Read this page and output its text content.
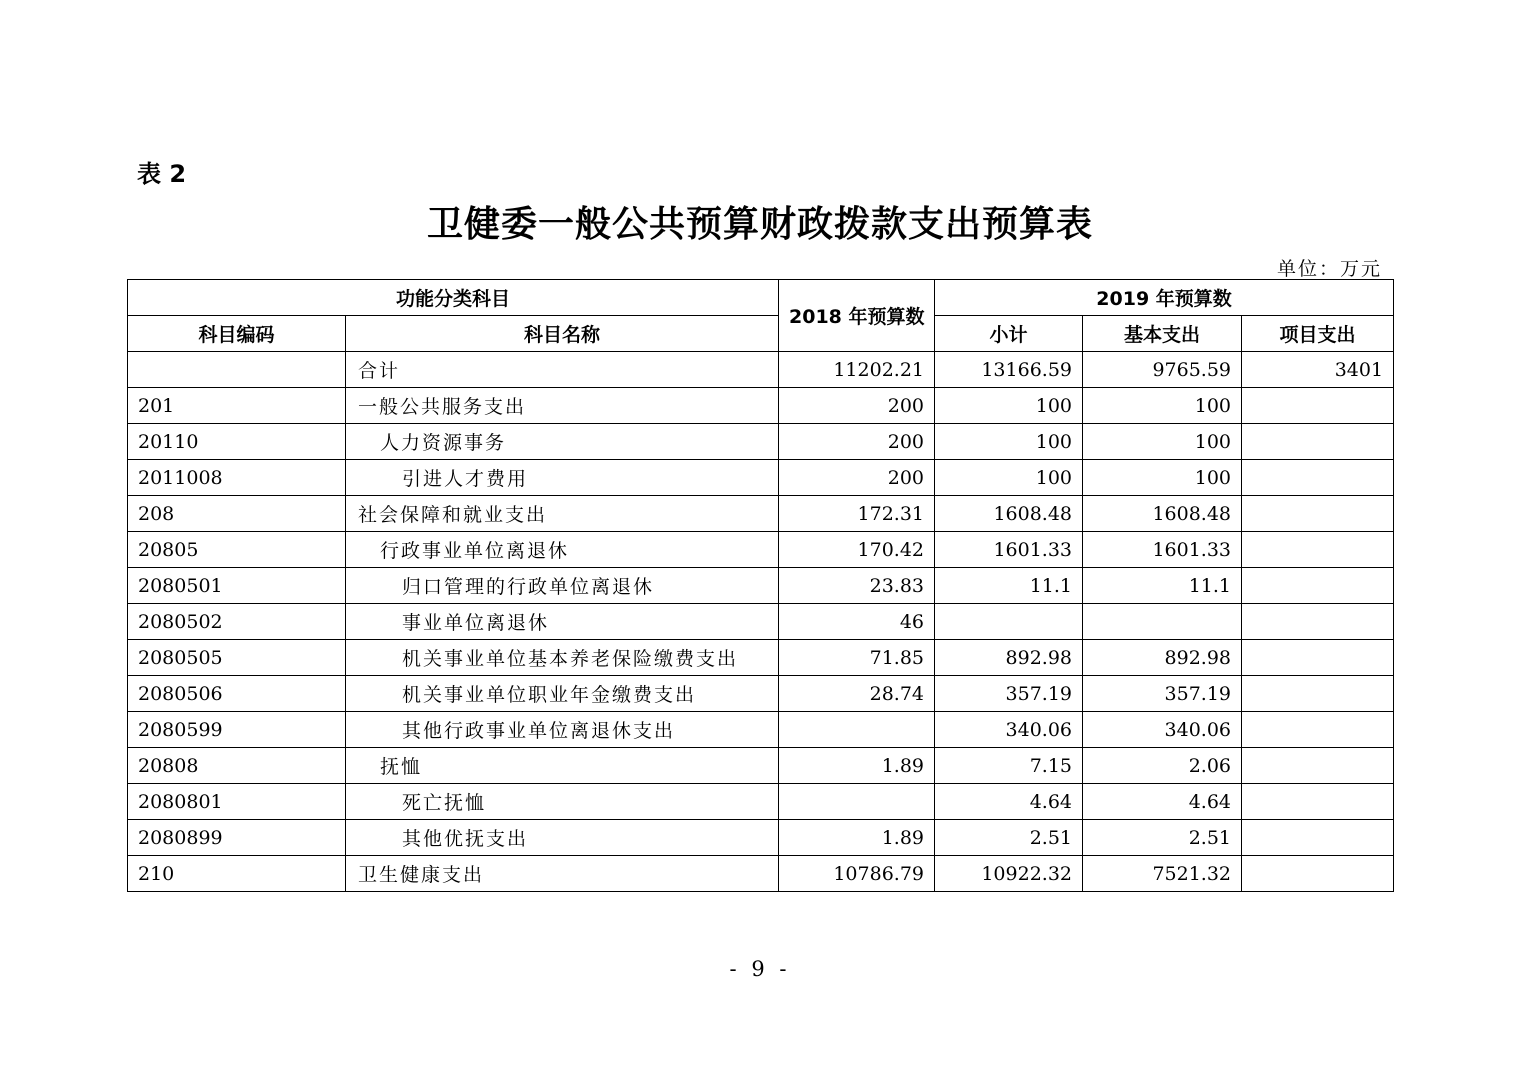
表 2
卫健委一般公共预算财政拨款支出预算表
单位：万元
功能分类科目		2018 年预算数	2019 年预算数		
科目编码	科目名称		小计	基本支出	项目支出
	合计	11202.21	13166.59	9765.59	3401
201	一般公共服务支出	200	100	100	
20110	人力资源事务	200	100	100	
2011008	引进人才费用	200	100	100	
208	社会保障和就业支出	172.31	1608.48	1608.48	
20805	行政事业单位离退休	170.42	1601.33	1601.33	
2080501	归口管理的行政单位离退休	23.83	11.1	11.1	
2080502	事业单位离退休	46			
2080505	机关事业单位基本养老保险缴费支出	71.85	892.98	892.98	
2080506	机关事业单位职业年金缴费支出	28.74	357.19	357.19	
2080599	其他行政事业单位离退休支出		340.06	340.06	
20808	抚恤	1.89	7.15	2.06	
2080801	死亡抚恤		4.64	4.64	
2080899	其他优抚支出	1.89	2.51	2.51	
210	卫生健康支出	10786.79	10922.32	7521.32	
- 9 -
